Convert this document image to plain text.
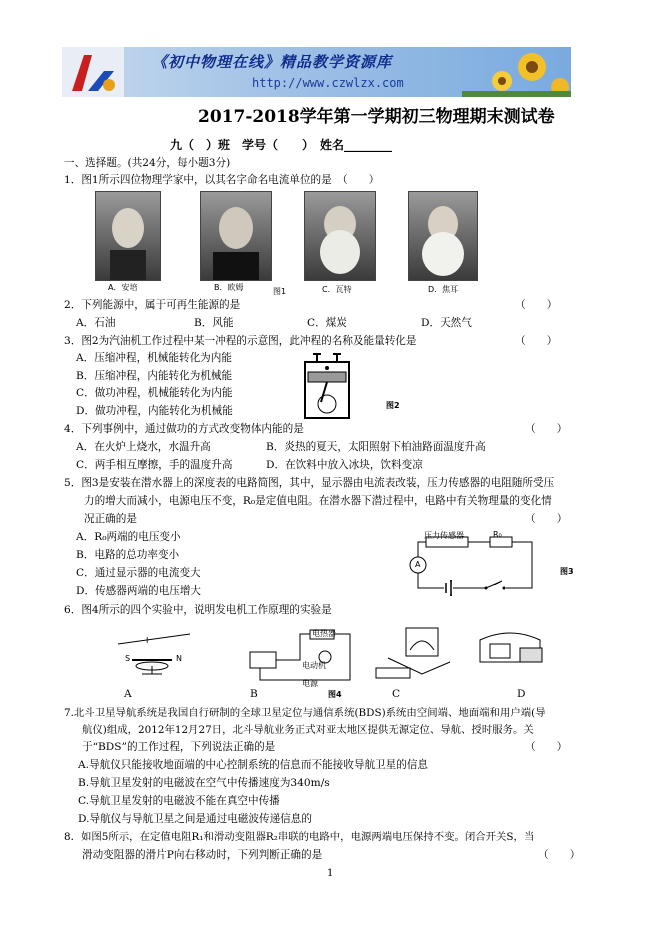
《初中物理在线》精品教学资源库
http://www.czwlzx.com
2017-2018学年第一学期初三物理期末测试卷
九（　）班　学号（　　）　姓名________
一、选择题。(共24分，每小题3分)
1．图1所示四位物理学家中，以其名字命名电流单位的是　（　　）
A．安培	B．欧姆	图1	C．瓦特	D．焦耳
2．下列能源中，属于可再生能源的是	（　　）
A．石油	B．风能	C．煤炭	D．天然气
3．图2为汽油机工作过程中某一冲程的示意图，此冲程的名称及能量转化是	（　　）
A．压缩冲程，机械能转化为内能
B．压缩冲程，内能转化为机械能
C．做功冲程，机械能转化为内能
D．做功冲程，内能转化为机械能	图2
4．下列事例中，通过做功的方式改变物体内能的是	（　　）
A．在火炉上烧水，水温升高	B．炎热的夏天，太阳照射下柏油路面温度升高
C．两手相互摩擦，手的温度升高	D．在饮料中放入冰块，饮料变凉
5．图3是安装在潜水器上的深度表的电路简图，其中，显示器由电流表改装，压力传感器的电阻随所受压
力的增大而减小，电源电压不变，R₀是定值电阻。在潜水器下潜过程中，电路中有关物理量的变化情
况正确的是	（　　）
A．R₀两端的电压变小
B．电路的总功率变小
C．通过显示器的电流变大
D．传感器两端的电压增大
压力传感器	R₀
A
图3
6．图4所示的四个实验中，说明发电机工作原理的实验是
I
S	N
电热器
电动机
电源
A	B	图4	C	D
7.北斗卫星导航系统是我国自行研制的全球卫星定位与通信系统(BDS)系统由空间端、地面端和用户端(导
航仪)组成，2012年12月27日，北斗导航业务正式对亚太地区提供无源定位、导航、授时服务。关
于“BDS”的工作过程，下列说法正确的是	（　　）
A.导航仪只能接收地面端的中心控制系统的信息而不能接收导航卫星的信息
B.导航卫星发射的电磁波在空气中传播速度为340m/s
C.导航卫星发射的电磁波不能在真空中传播
D.导航仪与导航卫星之间是通过电磁波传递信息的
8．如图5所示，在定值电阻R₁和滑动变阻器R₂串联的电路中，电源两端电压保持不变。闭合开关S，当
滑动变阻器的滑片P向右移动时，下列判断正确的是	（　　）
1
